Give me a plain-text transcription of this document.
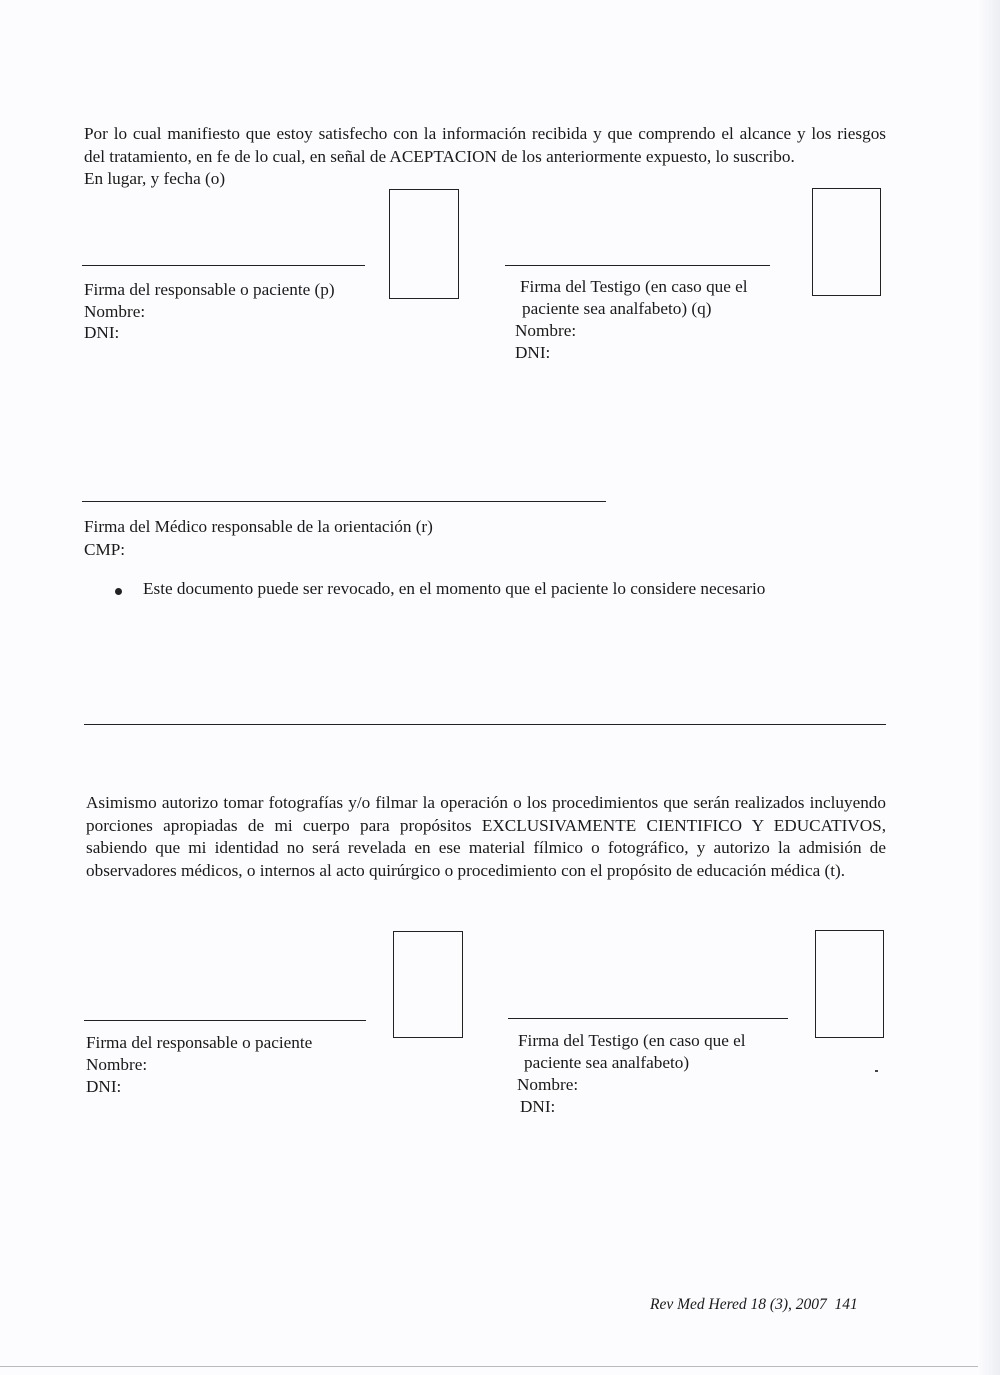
Por lo cual manifiesto que estoy satisfecho con la información recibida y que comprendo el alcance y los riesgos
del tratamiento, en fe de lo cual, en señal de ACEPTACION de los anteriormente expuesto, lo suscribo.
En lugar, y fecha (o)
Firma del responsable o paciente (p)
Nombre:
DNI:
Firma del Testigo (en caso que el
paciente sea analfabeto) (q)
Nombre:
DNI:
Firma del Médico responsable de la orientación (r)
CMP:
Este documento puede ser revocado, en el momento que el paciente lo considere necesario
Asimismo autorizo tomar fotografías y/o filmar la operación o los procedimientos que serán realizados incluyendo
porciones apropiadas de mi cuerpo para propósitos EXCLUSIVAMENTE CIENTIFICO Y EDUCATIVOS,
sabiendo que mi identidad no será revelada en ese material fílmico o fotográfico, y autorizo la admisión de
observadores médicos, o internos al acto quirúrgico o procedimiento con el propósito de educación médica (t).
Firma del responsable o paciente
Nombre:
DNI:
Firma del Testigo (en caso que el
paciente sea analfabeto)
Nombre:
DNI:
Rev Med Hered 18 (3), 2007 141
